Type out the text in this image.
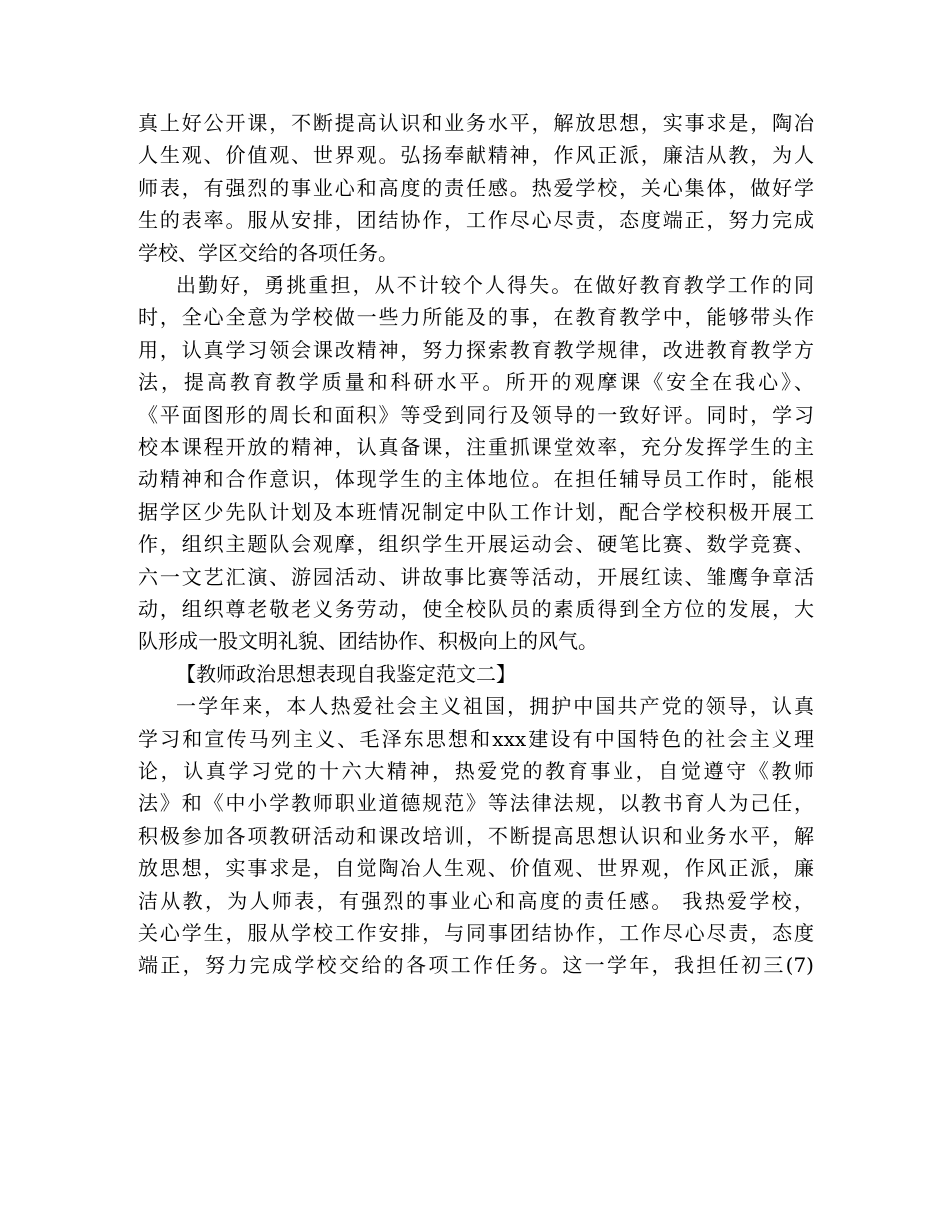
真上好公开课，不断提高认识和业务水平，解放思想，实事求是，陶冶
人生观、价值观、世界观。弘扬奉献精神，作风正派，廉洁从教，为人
师表，有强烈的事业心和高度的责任感。热爱学校，关心集体，做好学
生的表率。服从安排，团结协作，工作尽心尽责，态度端正，努力完成
学校、学区交给的各项任务。
出勤好，勇挑重担，从不计较个人得失。在做好教育教学工作的同
时，全心全意为学校做一些力所能及的事，在教育教学中，能够带头作
用，认真学习领会课改精神，努力探索教育教学规律，改进教育教学方
法，提高教育教学质量和科研水平。所开的观摩课《安全在我心》、
《平面图形的周长和面积》等受到同行及领导的一致好评。同时，学习
校本课程开放的精神，认真备课，注重抓课堂效率，充分发挥学生的主
动精神和合作意识，体现学生的主体地位。在担任辅导员工作时，能根
据学区少先队计划及本班情况制定中队工作计划，配合学校积极开展工
作，组织主题队会观摩，组织学生开展运动会、硬笔比赛、数学竞赛、
六一文艺汇演、游园活动、讲故事比赛等活动，开展红读、雏鹰争章活
动，组织尊老敬老义务劳动，使全校队员的素质得到全方位的发展，大
队形成一股文明礼貌、团结协作、积极向上的风气。
【教师政治思想表现自我鉴定范文二】
一学年来，本人热爱社会主义祖国，拥护中国共产党的领导，认真
学习和宣传马列主义、毛泽东思想和xxx建设有中国特色的社会主义理
论，认真学习党的十六大精神，热爱党的教育事业，自觉遵守《教师
法》和《中小学教师职业道德规范》等法律法规，以教书育人为己任，
积极参加各项教研活动和课改培训，不断提高思想认识和业务水平，解
放思想，实事求是，自觉陶冶人生观、价值观、世界观，作风正派，廉
洁从教，为人师表，有强烈的事业心和高度的责任感。 我热爱学校，
关心学生，服从学校工作安排，与同事团结协作，工作尽心尽责，态度
端正，努力完成学校交给的各项工作任务。这一学年，我担任初三(7)
